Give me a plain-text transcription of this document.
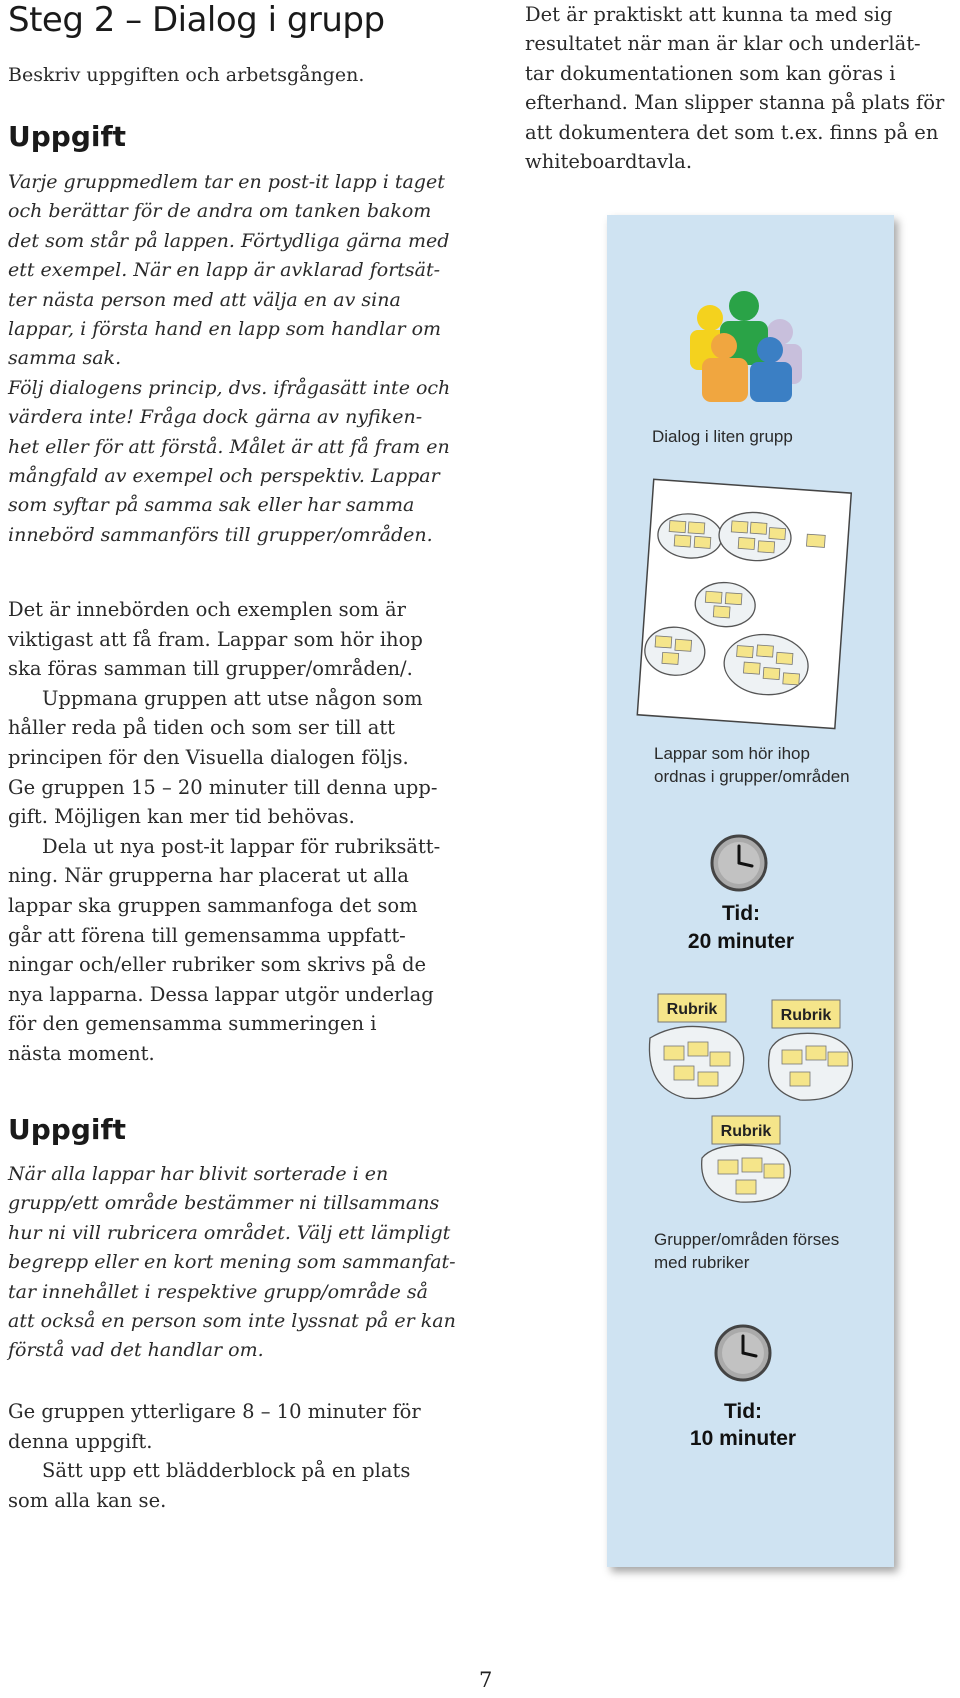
Steg 2 – Dialog i grupp
Beskriv uppgiften och arbetsgången.
Uppgift
Varje gruppmedlem tar en post-it lapp i taget
och berättar för de andra om tanken bakom
det som står på lappen. Förtydliga gärna med
ett exempel. När en lapp är avklarad fortsät-
ter nästa person med att välja en av sina
lappar, i första hand en lapp som handlar om
samma sak.
Följ dialogens princip, dvs. ifrågasätt inte och
värdera inte! Fråga dock gärna av nyfiken-
het eller för att förstå. Målet är att få fram en
mångfald av exempel och perspektiv. Lappar
som syftar på samma sak eller har samma
innebörd sammanförs till grupper/områden.
Det är innebörden och exemplen som är
viktigast att få fram. Lappar som hör ihop
ska föras samman till grupper/områden/.
Uppmana gruppen att utse någon som
håller reda på tiden och som ser till att
principen för den Visuella dialogen följs.
Ge gruppen 15 – 20 minuter till denna upp-
gift. Möjligen kan mer tid behövas.
Dela ut nya post-it lappar för rubriksätt-
ning. När grupperna har placerat ut alla
lappar ska gruppen sammanfoga det som
går att förena till gemensamma uppfatt-
ningar och/eller rubriker som skrivs på de
nya lapparna. Dessa lappar utgör underlag
för den gemensamma summeringen i
nästa moment.
Uppgift
När alla lappar har blivit sorterade i en
grupp/ett område bestämmer ni tillsammans
hur ni vill rubricera området. Välj ett lämpligt
begrepp eller en kort mening som sammanfat-
tar innehållet i respektive grupp/område så
att också en person som inte lyssnat på er kan
förstå vad det handlar om.
Ge gruppen ytterligare 8 – 10 minuter för
denna uppgift.
Sätt upp ett blädderblock på en plats
som alla kan se.
Det är praktiskt att kunna ta med sig
resultatet när man är klar och underlät-
tar dokumentationen som kan göras i
efterhand. Man slipper stanna på plats för
att dokumentera det som t.ex. finns på en
whiteboardtavla.
Dialog i liten grupp
Lappar som hör ihop
ordnas i grupper/områden
Tid:
20 minuter
Rubrik	Rubrik
Rubrik
Grupper/områden förses
med rubriker
Tid:
10 minuter
7
